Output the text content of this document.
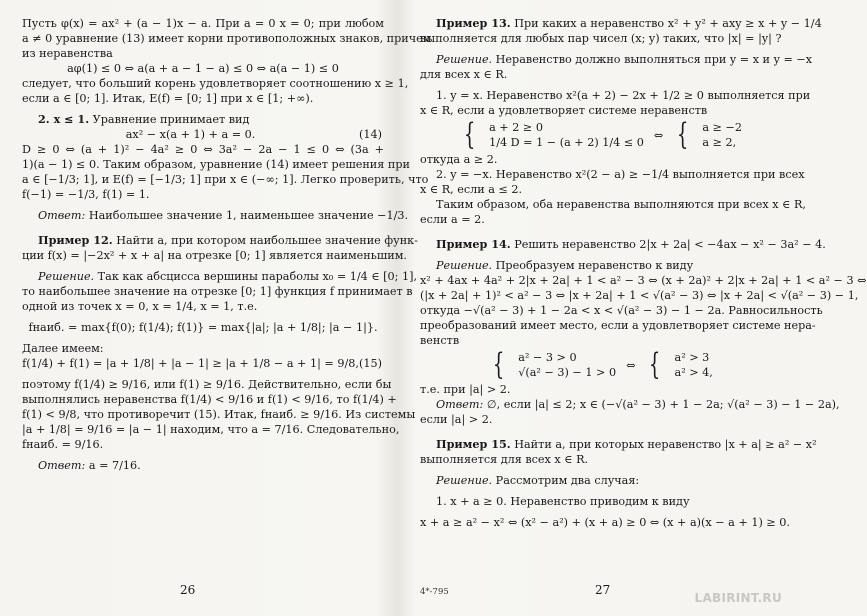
Пусть φ(x) = ax² + (a − 1)x − a. При a = 0 x = 0; при любом
a ≠ 0 уравнение (13) имеет корни противоположных знаков, причем
из неравенства
aφ(1) ≤ 0 ⇔ a(a + a − 1 − a) ≤ 0 ⇔ a(a − 1) ≤ 0
следует, что больший корень удовлетворяет соотношению x ≥ 1,
если a ∈ [0; 1]. Итак, E(f) = [0; 1] при x ∈ [1; +∞).
2. x ≤ 1. Уравнение принимает вид
ax² − x(a + 1) + a = 0.	(14)
D ≥ 0 ⇔ (a + 1)² − 4a² ≥ 0 ⇔ 3a² − 2a − 1 ≤ 0 ⇔ (3a +
1)(a − 1) ≤ 0. Таким образом, уравнение (14) имеет решения при
a ∈ [−1/3; 1], и E(f) = [−1/3; 1] при x ∈ (−∞; 1]. Легко проверить, что
f(−1) = −1/3, f(1) = 1.
Ответ: Наибольшее значение 1, наименьшее значение −1/3.
Пример 12. Найти a, при котором наибольшее значение функ-
ции f(x) = |−2x² + x + a| на отрезке [0; 1] является наименьшим.
Решение. Так как абсцисса вершины параболы x₀ = 1/4 ∈ [0; 1],
то наибольшее значение на отрезке [0; 1] функция f принимает в
одной из точек x = 0, x = 1/4, x = 1, т.е.
fнаиб. = max{f(0); f(1/4); f(1)} = max{|a|; |a + 1/8|; |a − 1|}.
Далее имеем:
f(1/4) + f(1) = |a + 1/8| + |a − 1| ≥ |a + 1/8 − a + 1| = 9/8, (15)
поэтому f(1/4) ≥ 9/16, или f(1) ≥ 9/16. Действительно, если бы
выполнялись неравенства f(1/4) < 9/16 и f(1) < 9/16, то f(1/4) +
f(1) < 9/8, что противоречит (15). Итак, fнаиб. ≥ 9/16. Из системы
|a + 1/8| = 9/16 = |a − 1| находим, что a = 7/16. Следовательно,
fнаиб. = 9/16.
Ответ: a = 7/16.
26
Пример 13. При каких a неравенство x² + y² + axy ≥ x + y − 1/4
выполняется для любых пар чисел (x; y) таких, что |x| = |y| ?
Решение. Неравенство должно выполняться при y = x и y = −x
для всех x ∈ R.
1. y = x. Неравенство x²(a + 2) − 2x + 1/2 ≥ 0 выполняется при
x ∈ R, если a удовлетворяет системе неравенств
{ a + 2 ≥ 0
1/4 D = 1 − (a + 2) 1/4 ≤ 0
⇔ { a ≥ −2
a ≥ 2,
откуда a ≥ 2.
2. y = −x. Неравенство x²(2 − a) ≥ −1/4 выполняется при всех
x ∈ R, если a ≤ 2.
Таким образом, оба неравенства выполняются при всех x ∈ R,
если a = 2.
Пример 14. Решить неравенство 2|x + 2a| < −4ax − x² − 3a² − 4.
Решение. Преобразуем неравенство к виду
x² + 4ax + 4a² + 2|x + 2a| + 1 < a² − 3 ⇔ (x + 2a)² + 2|x + 2a| + 1 < a² − 3 ⇔
(|x + 2a| + 1)² < a² − 3 ⇔ |x + 2a| + 1 < √(a² − 3) ⇔ |x + 2a| < √(a² − 3) − 1,
откуда −√(a² − 3) + 1 − 2a < x < √(a² − 3) − 1 − 2a. Равносильность
преобразований имеет место, если a удовлетворяет системе нера-
венств
{ a² − 3 > 0
√(a² − 3) − 1 > 0
⇔ { a² > 3
a² > 4,
т.е. при |a| > 2.
Ответ: ∅, если |a| ≤ 2; x ∈ (−√(a² − 3) + 1 − 2a; √(a² − 3) − 1 − 2a),
если |a| > 2.
Пример 15. Найти a, при которых неравенство |x + a| ≥ a² − x²
выполняется для всех x ∈ R.
Решение. Рассмотрим два случая:
1. x + a ≥ 0. Неравенство приводим к виду
x + a ≥ a² − x² ⇔ (x² − a²) + (x + a) ≥ 0 ⇔ (x + a)(x − a + 1) ≥ 0.
4*-795	27
LABIRINT.RU
